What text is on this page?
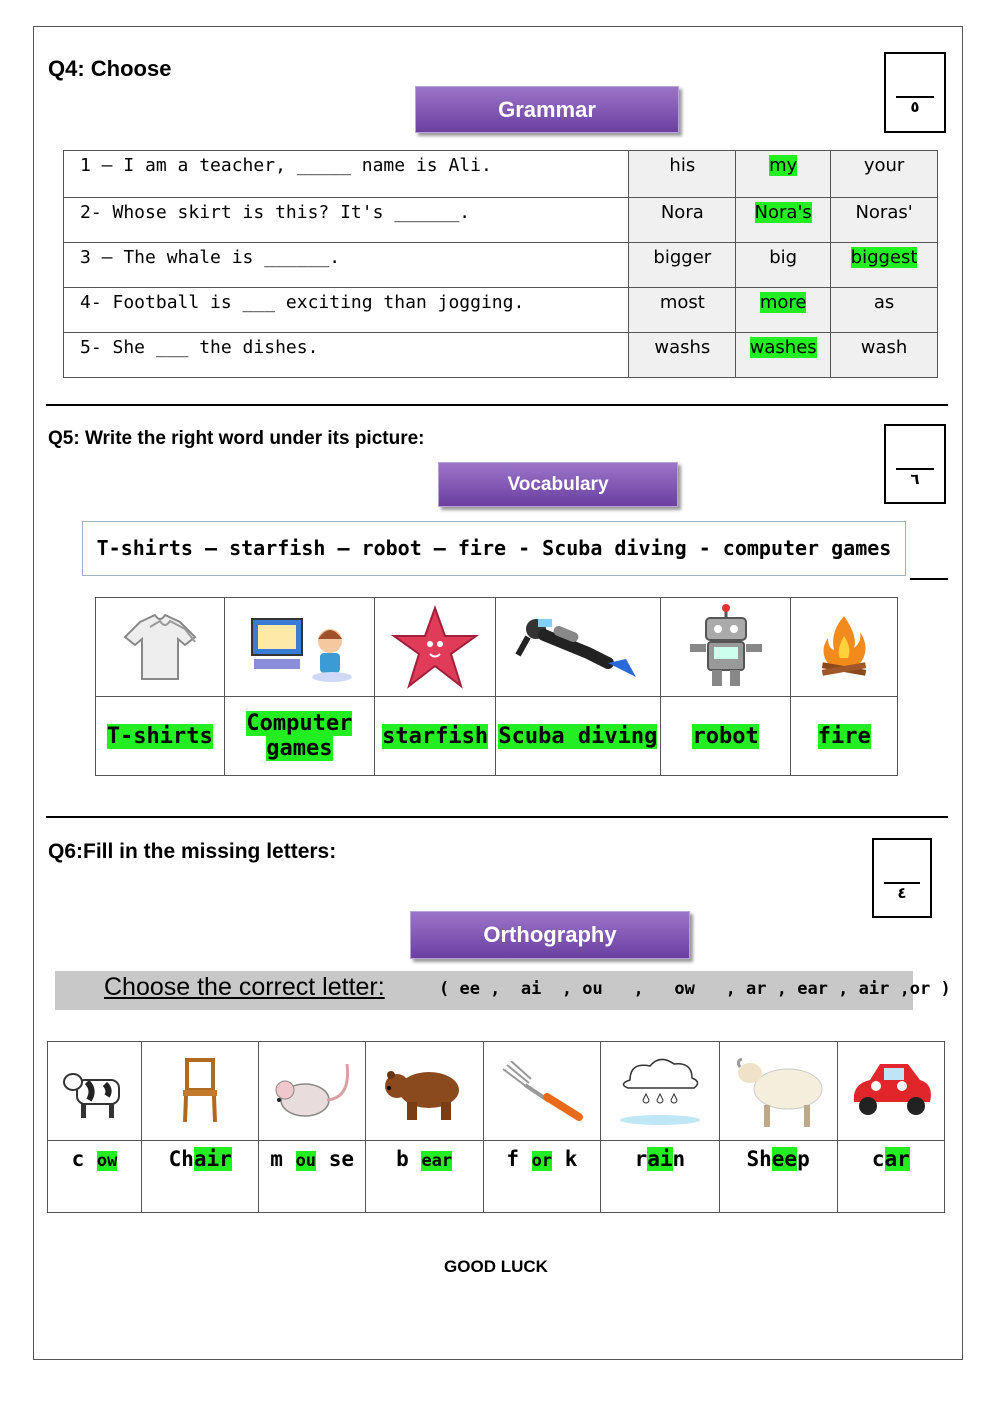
Q4: Choose
Grammar	٥
1 – I am a teacher, _____ name is Ali.	his	my	your
2- Whose skirt is this? It's ______.	Nora	Nora's	Noras'
3 – The whale is ______.	bigger	big	biggest
4- Football is ___ exciting than jogging.	most	more	as
5- She ___ the dishes.	washs	washes	wash
Q5: Write the right word under its picture:
Vocabulary	٦
T-shirts – starfish – robot – fire - Scuba diving - computer games

T-shirts	Computer games	starfish	Scuba diving	robot	fire
Q6:Fill in the missing letters:
٤
Orthography
Choose the correct letter:	( ee ,  ai  , ou   ,   ow   , ar , ear , air ,or )

c ow	Chair	m ou se	b ear	f or k	rain	Sheep	car
GOOD LUCK
